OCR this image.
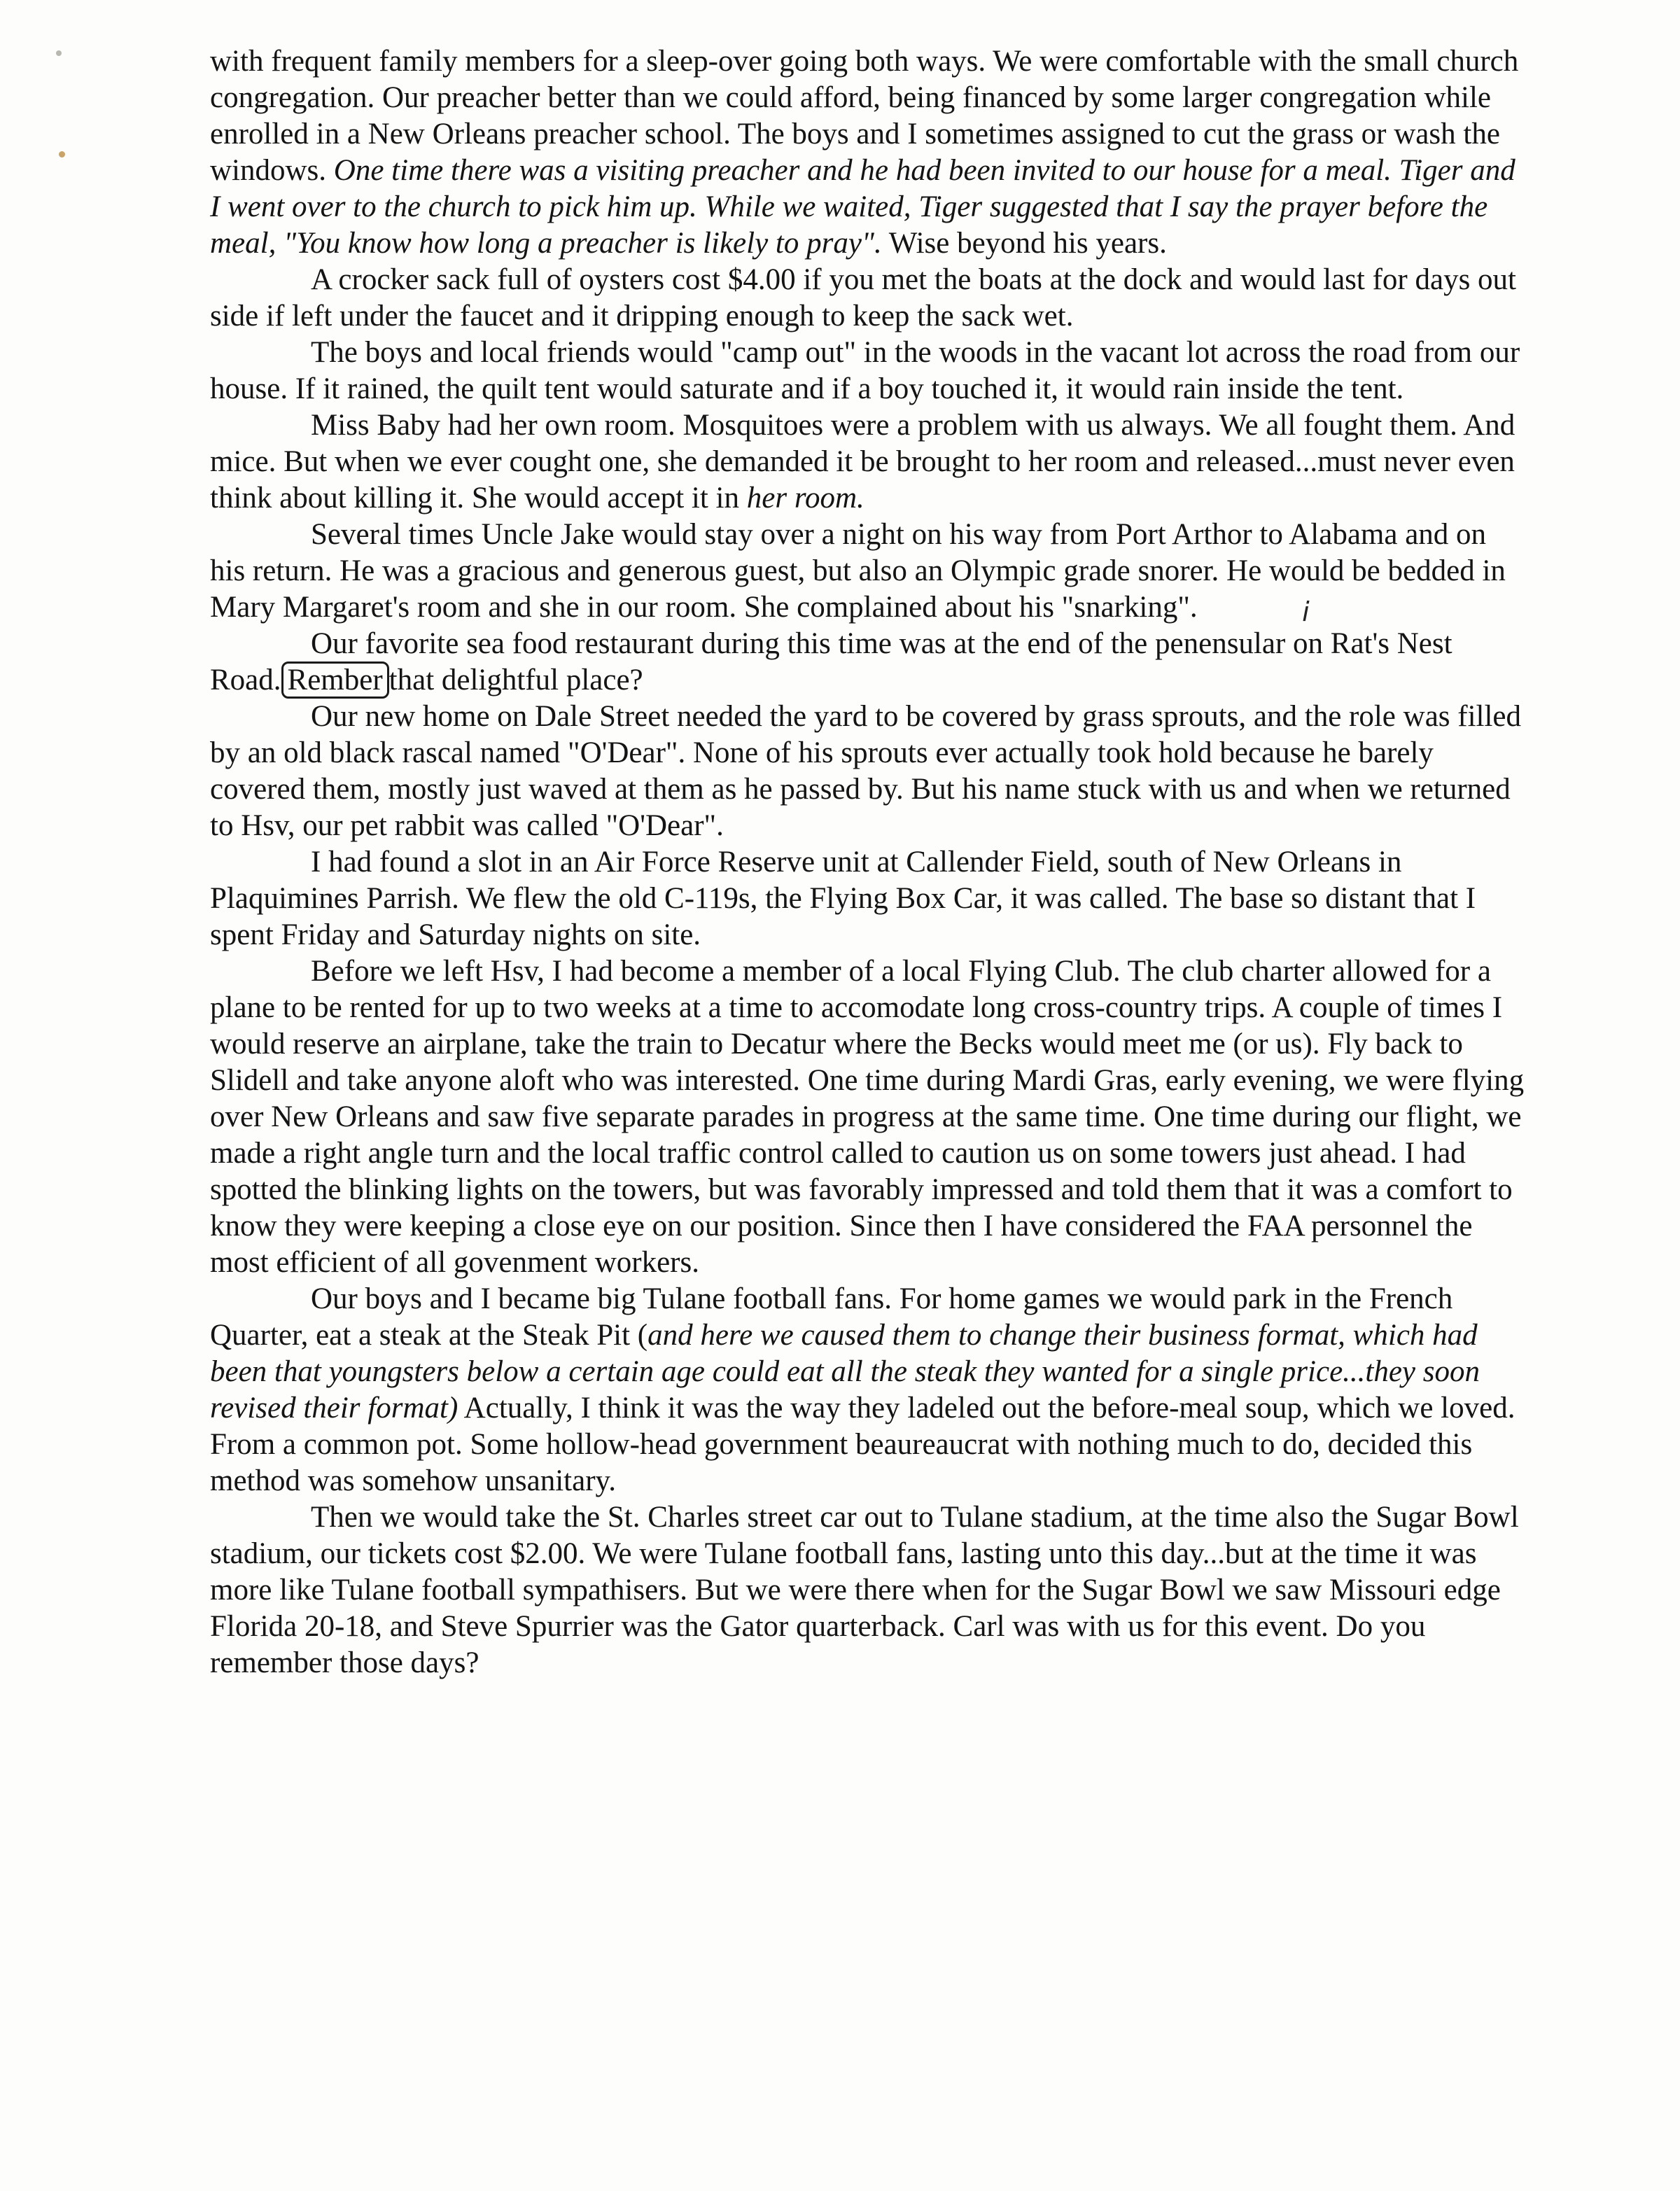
with frequent family members for a sleep-over going both ways. We were comfortable with the small church congregation. Our preacher better than we could afford, being financed by some larger congregation while enrolled in a New Orleans preacher school. The boys and I sometimes assigned to cut the grass or wash the windows. One time there was a visiting preacher and he had been invited to our house for a meal. Tiger and I went over to the church to pick him up. While we waited, Tiger suggested that I say the prayer before the meal, "You know how long a preacher is likely to pray". Wise beyond his years.

A crocker sack full of oysters cost $4.00 if you met the boats at the dock and would last for days out side if left under the faucet and it dripping enough to keep the sack wet.

The boys and local friends would "camp out" in the woods in the vacant lot across the road from our house. If it rained, the quilt tent would saturate and if a boy touched it, it would rain inside the tent.

Miss Baby had her own room. Mosquitoes were a problem with us always. We all fought them. And mice. But when we ever cought one, she demanded it be brought to her room and released...must never even think about killing it. She would accept it in her room.

Several times Uncle Jake would stay over a night on his way from Port Arthor to Alabama and on his return. He was a gracious and generous guest, but also an Olympic grade snorer. He would be bedded in Mary Margaret's room and she in our room. She complained about his "snarking".

Our favorite sea food restaurant during this time was at the end of the pen
i
ensular on Rat's Nest Road. Rember that delightful place?

Our new home on Dale Street needed the yard to be covered by grass sprouts, and the role was filled by an old black rascal named "O'Dear". None of his sprouts ever actually took hold because he barely covered them, mostly just waved at them as he passed by. But his name stuck with us and when we returned to Hsv, our pet rabbit was called "O'Dear".

I had found a slot in an Air Force Reserve unit at Callender Field, south of New Orleans in Plaquimines Parrish. We flew the old C-119s, the Flying Box Car, it was called. The base so distant that I spent Friday and Saturday nights on site.

Before we left Hsv, I had become a member of a local Flying Club. The club charter allowed for a plane to be rented for up to two weeks at a time to accomodate long cross-country trips. A couple of times I would reserve an airplane, take the train to Decatur where the Becks would meet me (or us). Fly back to Slidell and take anyone aloft who was interested. One time during Mardi Gras, early evening, we were flying over New Orleans and saw five separate parades in progress at the same time. One time during our flight, we made a right angle turn and the local traffic control called to caution us on some towers just ahead. I had spotted the blinking lights on the towers, but was favorably impressed and told them that it was a comfort to know they were keeping a close eye on our position. Since then I have considered the FAA personnel the most efficient of all govenment workers.

Our boys and I became big Tulane football fans. For home games we would park in the French Quarter, eat a steak at the Steak Pit (and here we caused them to change their business format, which had been that youngsters below a certain age could eat all the steak they wanted for a single price...they soon revised their format) Actually, I think it was the way they ladeled out the before-meal soup, which we loved. From a common pot. Some hollow-head government beaureaucrat with nothing much to do, decided this method was somehow unsanitary.

Then we would take the St. Charles street car out to Tulane stadium, at the time also the Sugar Bowl stadium, our tickets cost $2.00. We were Tulane football fans, lasting unto this day...but at the time it was more like Tulane football sympathisers. But we were there when for the Sugar Bowl we saw Missouri edge Florida 20-18, and Steve Spurrier was the Gator quarterback. Carl was with us for this event. Do you remember those days?
